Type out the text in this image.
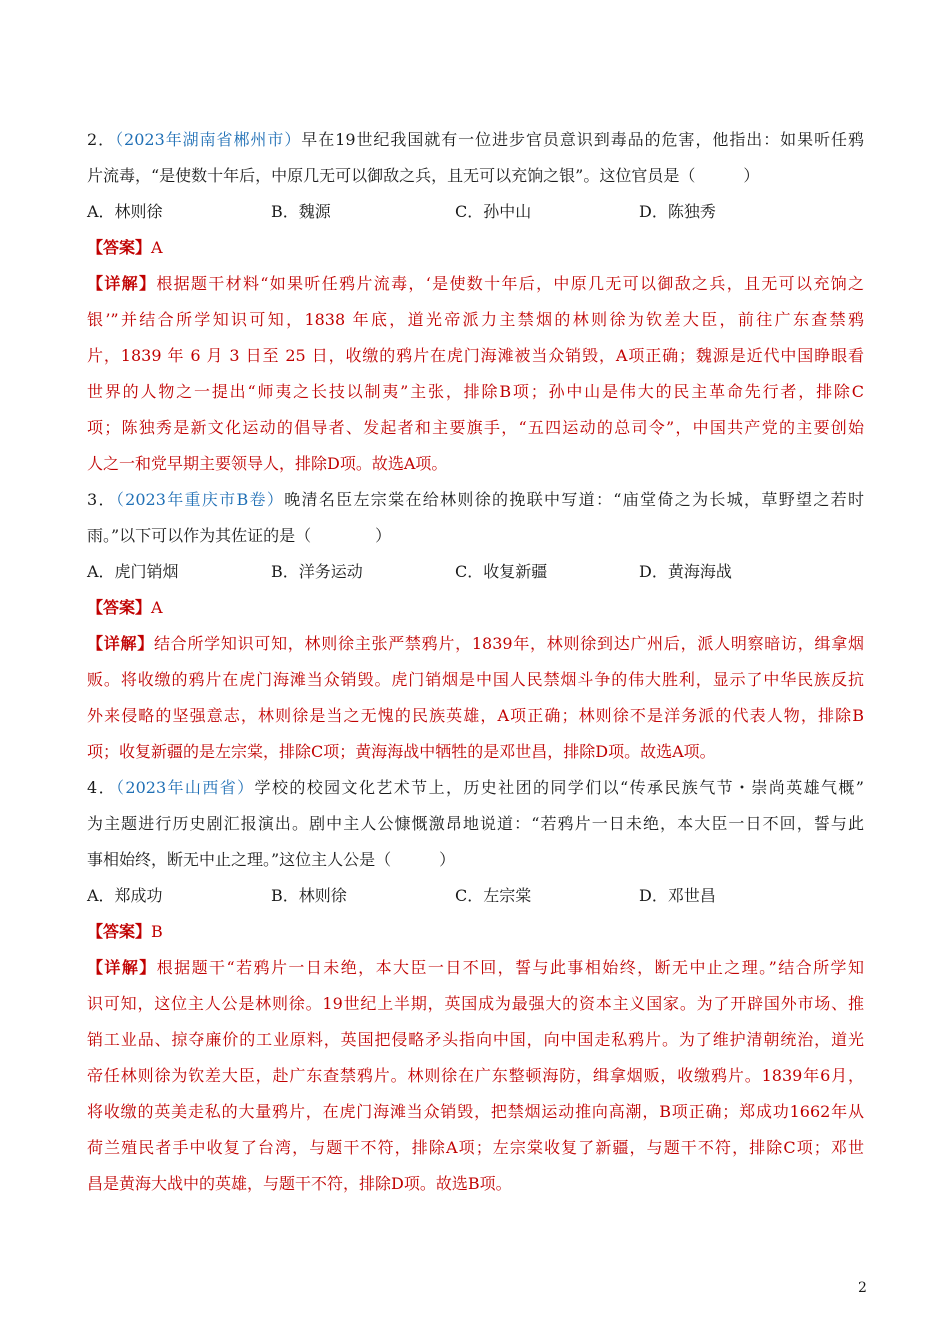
2．（2023年湖南省郴州市）早在19世纪我国就有一位进步官员意识到毒品的危害，他指出：如果听任鸦
片流毒，“是使数十年后，中原几无可以御敌之兵，且无可以充饷之银”。这位官员是（　　　）
A．林则徐	B．魏源	C．孙中山	D．陈独秀
【答案】A
【详解】根据题干材料“如果听任鸦片流毒，‘是使数十年后，中原几无可以御敌之兵，且无可以充饷之
银’”并结合所学知识可知，1838 年底，道光帝派力主禁烟的林则徐为钦差大臣，前往广东查禁鸦
片，1839 年 6 月 3 日至 25 日，收缴的鸦片在虎门海滩被当众销毁，A项正确；魏源是近代中国睁眼看
世界的人物之一提出“师夷之长技以制夷”主张，排除B项；孙中山是伟大的民主革命先行者，排除C
项；陈独秀是新文化运动的倡导者、发起者和主要旗手，“五四运动的总司令”，中国共产党的主要创始
人之一和党早期主要领导人，排除D项。故选A项。
3．（2023年重庆市B卷）晚清名臣左宗棠在给林则徐的挽联中写道：“庙堂倚之为长城，草野望之若时
雨。”以下可以作为其佐证的是（　　　　）
A．虎门销烟	B．洋务运动	C．收复新疆	D．黄海海战
【答案】A
【详解】结合所学知识可知，林则徐主张严禁鸦片，1839年，林则徐到达广州后，派人明察暗访，缉拿烟
贩。将收缴的鸦片在虎门海滩当众销毁。虎门销烟是中国人民禁烟斗争的伟大胜利，显示了中华民族反抗
外来侵略的坚强意志，林则徐是当之无愧的民族英雄，A项正确；林则徐不是洋务派的代表人物，排除B
项；收复新疆的是左宗棠，排除C项；黄海海战中牺牲的是邓世昌，排除D项。故选A项。
4．（2023年山西省）学校的校园文化艺术节上，历史社团的同学们以“传承民族气节・崇尚英雄气概”
为主题进行历史剧汇报演出。剧中主人公慷慨激昂地说道：“若鸦片一日未绝，本大臣一日不回，誓与此
事相始终，断无中止之理。”这位主人公是（　　　）
A．郑成功	B．林则徐	C．左宗棠	D．邓世昌
【答案】B
【详解】根据题干“若鸦片一日未绝，本大臣一日不回，誓与此事相始终，断无中止之理。”结合所学知
识可知，这位主人公是林则徐。19世纪上半期，英国成为最强大的资本主义国家。为了开辟国外市场、推
销工业品、掠夺廉价的工业原料，英国把侵略矛头指向中国，向中国走私鸦片。为了维护清朝统治，道光
帝任林则徐为钦差大臣，赴广东查禁鸦片。林则徐在广东整顿海防，缉拿烟贩，收缴鸦片。1839年6月，
将收缴的英美走私的大量鸦片，在虎门海滩当众销毁，把禁烟运动推向高潮，B项正确；郑成功1662年从
荷兰殖民者手中收复了台湾，与题干不符，排除A项；左宗棠收复了新疆，与题干不符，排除C项；邓世
昌是黄海大战中的英雄，与题干不符，排除D项。故选B项。
2
